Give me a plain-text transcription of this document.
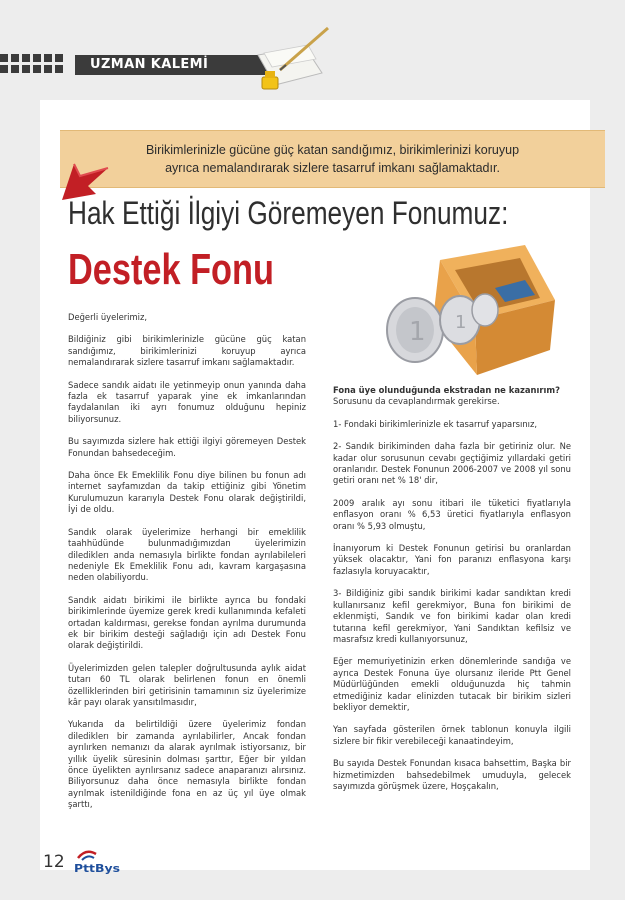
UZMAN KALEMİ
Birikimlerinizle gücüne güç katan sandığımız, birikimlerinizi koruyup
ayrıca nemalandırarak sizlere tasarruf imkanı sağlamaktadır.
Hak Ettiği İlgiyi Göremeyen Fonumuz:
Destek Fonu
1 1

Değerli üyelerimiz,

Bildiğiniz gibi birikimlerinizle gücüne güç katan sandığımız, birikimlerinizi koruyup ayrıca nemalandırarak sizlere tasarruf imkanı sağlamaktadır.

Sadece sandık aidatı ile yetinmeyip onun yanında daha fazla ek tasarruf yaparak yine ek imkanlarından faydalanılan iki ayrı fonumuz olduğunu hepiniz biliyorsunuz.

Bu sayımızda sizlere hak ettiği ilgiyi göremeyen Destek Fonundan bahsedeceğim.

Daha önce Ek Emeklilik Fonu diye bilinen bu fonun adı internet sayfamızdan da takip ettiğiniz gibi Yönetim Kurulumuzun kararıyla Destek Fonu olarak değiştirildi, İyi de oldu.

Sandık olarak üyelerimize herhangi bir emeklilik taahhüdünde bulunmadığımızdan üyelerimizin dilediklerı anda nemasıyla birlikte fondan ayrılabileleri nedeniyle Ek Emeklilik Fonu adı, kavram kargaşasına neden olabiliyordu.

Sandık aidatı birikimi ile birlikte ayrıca bu fondaki birikimlerinde üyemize gerek kredi kullanımında kefaleti ortadan kaldırması, gerekse fondan ayrılma durumunda ek bir birikim desteği sağladığı için adı Destek Fonu olarak değiştirildi.

Üyelerimizden gelen talepler doğrultusunda aylık aidat tutarı 60 TL olarak belirlenen fonun en önemli özelliklerinden biri getirisinin tamamının siz üyelerimize kâr payı olarak yansıtılmasıdır,

Yukarıda da belirtildiği üzere üyelerimiz fondan dilediklerı bir zamanda ayrılabilirler, Ancak fondan ayrılırken nemanızı da alarak ayrılmak istiyorsanız, bir yıllık üyelik süresinin dolması şarttır, Eğer bir yıldan önce üyelikten ayrılırsanız sadece anaparanızı alırsınız. Biliyorsunuz daha önce nemasıyla birlikte fondan ayrılmak istenildiğinde fona en az üç yıl üye olmak şarttı,

Fona üye olunduğunda ekstradan ne kazanırım?
Sorusunu da cevaplandırmak gerekirse.

1- Fondaki birikimlerinizle ek tasarruf yaparsınız,

2- Sandık birikiminden daha fazla bir getiriniz olur. Ne kadar olur sorusunun cevabı geçtiğimiz yıllardaki getiri oranlarıdır. Destek Fonunun 2006-2007 ve 2008 yıl sonu getiri oranı net % 18' dir,

2009 aralık ayı sonu itibari ile tüketici fiyatlarıyla enflasyon oranı % 6,53 üretici fiyatlarıyla enflasyon oranı % 5,93 olmuştu,

İnanıyorum ki Destek Fonunun getirisi bu oranlardan yüksek olacaktır, Yani fon paranızı enflasyona karşı fazlasıyla koruyacaktır,

3- Bildiğiniz gibi sandık birikimi kadar sandıktan kredi kullanırsanız kefil gerekmiyor, Buna fon birikimi de eklenmişti, Sandık ve fon birikimi kadar olan kredi tutarına kefil gerekmiyor, Yani Sandıktan kefilsiz ve masrafsız kredi kullanıyorsunuz,

Eğer memuriyetinizin erken dönemlerinde sandığa ve ayrıca Destek Fonuna üye olursanız ileride Ptt Genel Müdürlüğünden emekli olduğunuzda hiç tahmin etmediğiniz kadar elinizden tutacak bir birikim sizleri bekliyor demektir,

Yan sayfada gösterilen örnek tablonun konuyla ilgili sizlere bir fikir verebileceği kanaatindeyim,

Bu sayıda Destek Fonundan kısaca bahsettim, Başka bir hizmetimizden bahsedebilmek umuduyla, gelecek sayımızda görüşmek üzere, Hoşçakalın,

12 PttBys
